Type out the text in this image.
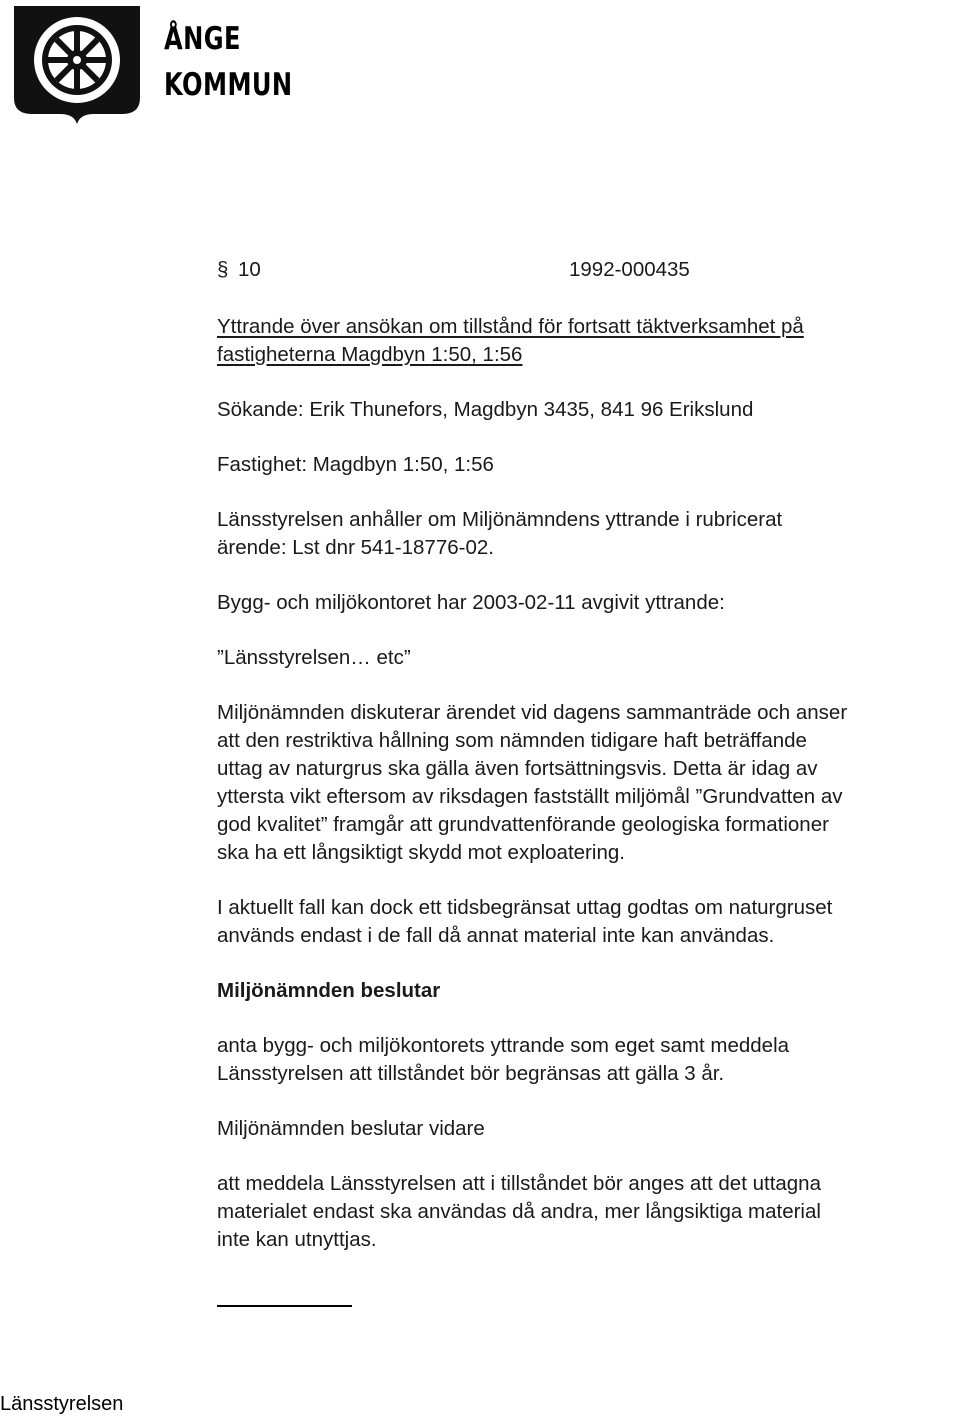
ÅNGE
KOMMUN
§ 10	1992-000435
Yttrande över ansökan om tillstånd för fortsatt täktverksamhet på
fastigheterna Magdbyn 1:50, 1:56
Sökande: Erik Thunefors, Magdbyn 3435, 841 96 Erikslund
Fastighet: Magdbyn 1:50, 1:56
Länsstyrelsen anhåller om Miljönämndens yttrande i rubricerat
ärende: Lst dnr 541-18776-02.
Bygg- och miljökontoret har 2003-02-11 avgivit yttrande:
”Länsstyrelsen… etc”
Miljönämnden diskuterar ärendet vid dagens sammanträde och anser
att den restriktiva hållning som nämnden tidigare haft beträffande
uttag av naturgrus ska gälla även fortsättningsvis. Detta är idag av
yttersta vikt eftersom av riksdagen fastställt miljömål ”Grundvatten av
god kvalitet” framgår att grundvattenförande geologiska formationer
ska ha ett långsiktigt skydd mot exploatering.
I aktuellt fall kan dock ett tidsbegränsat uttag godtas om naturgruset
används endast i de fall då annat material inte kan användas.
Miljönämnden beslutar
anta bygg- och miljökontorets yttrande som eget samt meddela
Länsstyrelsen att tillståndet bör begränsas att gälla 3 år.
Miljönämnden beslutar vidare
att meddela Länsstyrelsen att i tillståndet bör anges att det uttagna
materialet endast ska användas då andra, mer långsiktiga material
inte kan utnyttjas.
Länsstyrelsen
